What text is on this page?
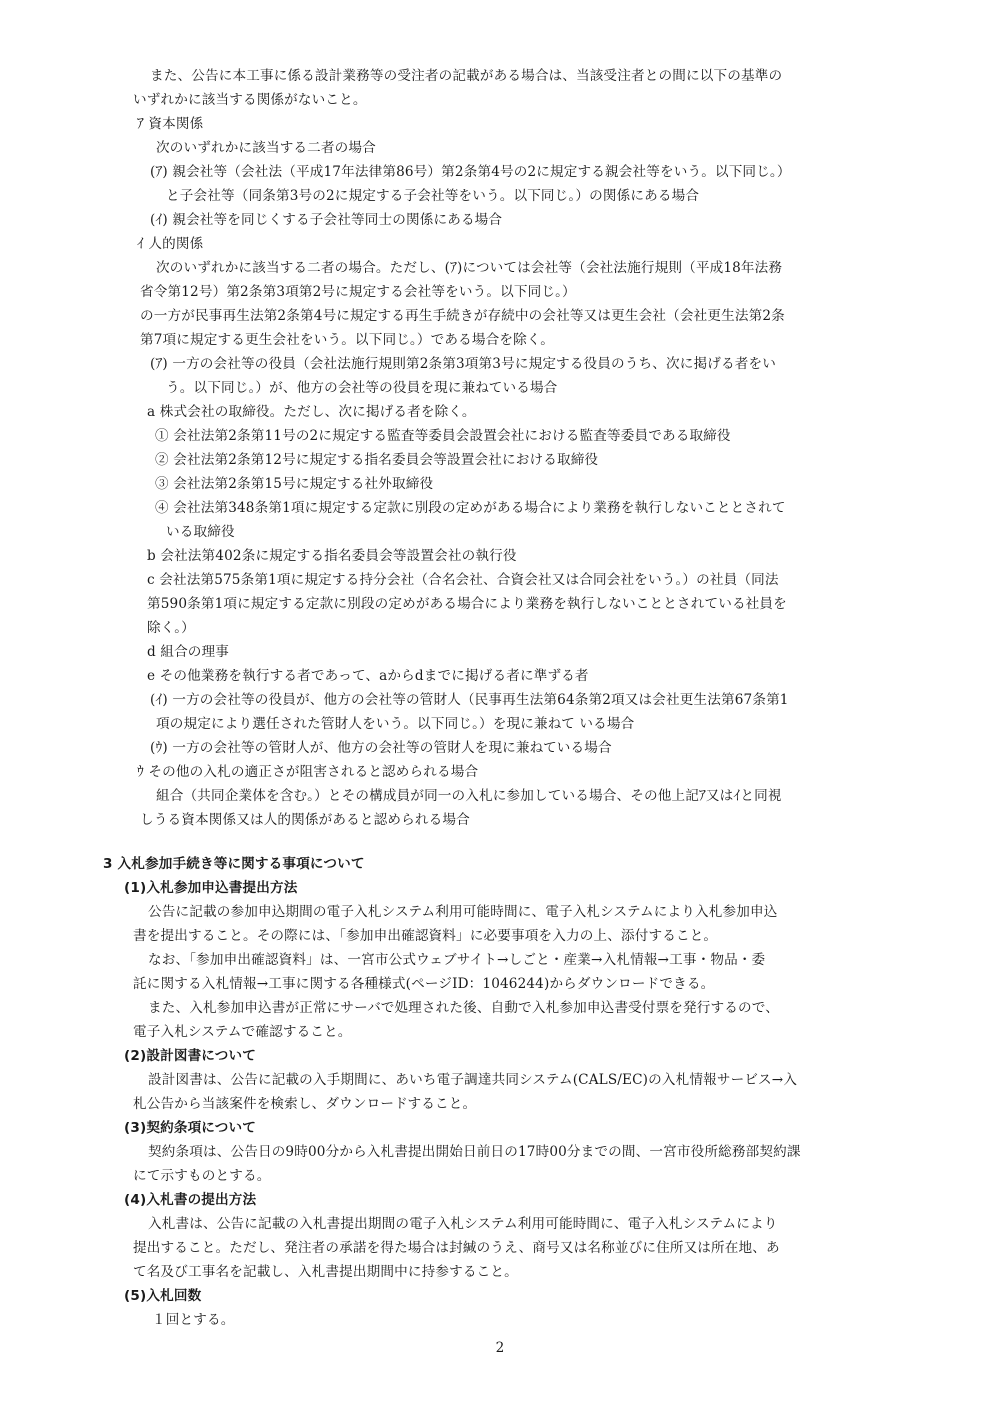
また、公告に本工事に係る設計業務等の受注者の記載がある場合は、当該受注者との間に以下の基準の
いずれかに該当する関係がないこと。
ｱ 資本関係
次のいずれかに該当する二者の場合
(ｱ) 親会社等（会社法（平成17年法律第86号）第2条第4号の2に規定する親会社等をいう。以下同じ。）
と子会社等（同条第3号の2に規定する子会社等をいう。以下同じ。）の関係にある場合
(ｲ) 親会社等を同じくする子会社等同士の関係にある場合
ｲ 人的関係
次のいずれかに該当する二者の場合。ただし、(ｱ)については会社等（会社法施行規則（平成18年法務
省令第12号）第2条第3項第2号に規定する会社等をいう。以下同じ。）
の一方が民事再生法第2条第4号に規定する再生手続きが存続中の会社等又は更生会社（会社更生法第2条
第7項に規定する更生会社をいう。以下同じ。）である場合を除く。
(ｱ) 一方の会社等の役員（会社法施行規則第2条第3項第3号に規定する役員のうち、次に掲げる者をい
う。以下同じ。）が、他方の会社等の役員を現に兼ねている場合
a 株式会社の取締役。ただし、次に掲げる者を除く。
① 会社法第2条第11号の2に規定する監査等委員会設置会社における監査等委員である取締役
② 会社法第2条第12号に規定する指名委員会等設置会社における取締役
③ 会社法第2条第15号に規定する社外取締役
④ 会社法第348条第1項に規定する定款に別段の定めがある場合により業務を執行しないこととされて
いる取締役
b 会社法第402条に規定する指名委員会等設置会社の執行役
c 会社法第575条第1項に規定する持分会社（合名会社、合資会社又は合同会社をいう。）の社員（同法
第590条第1項に規定する定款に別段の定めがある場合により業務を執行しないこととされている社員を
除く。）
d 組合の理事
e その他業務を執行する者であって、aからdまでに掲げる者に準ずる者
(ｲ) 一方の会社等の役員が、他方の会社等の管財人（民事再生法第64条第2項又は会社更生法第67条第1
項の規定により選任された管財人をいう。以下同じ。）を現に兼ねて いる場合
(ｳ) 一方の会社等の管財人が、他方の会社等の管財人を現に兼ねている場合
ｳ その他の入札の適正さが阻害されると認められる場合
組合（共同企業体を含む。）とその構成員が同一の入札に参加している場合、その他上記ｱ又はｲと同視
しうる資本関係又は人的関係があると認められる場合
3 入札参加手続き等に関する事項について
(1)入札参加申込書提出方法
公告に記載の参加申込期間の電子入札システム利用可能時間に、電子入札システムにより入札参加申込
書を提出すること。その際には、「参加申出確認資料」に必要事項を入力の上、添付すること。
なお、「参加申出確認資料」は、一宮市公式ウェブサイト→しごと・産業→入札情報→工事・物品・委
託に関する入札情報→工事に関する各種様式(ページID：1046244)からダウンロードできる。
また、入札参加申込書が正常にサーバで処理された後、自動で入札参加申込書受付票を発行するので、
電子入札システムで確認すること。
(2)設計図書について
設計図書は、公告に記載の入手期間に、あいち電子調達共同システム(CALS/EC)の入札情報サービス→入
札公告から当該案件を検索し、ダウンロードすること。
(3)契約条項について
契約条項は、公告日の9時00分から入札書提出開始日前日の17時00分までの間、一宮市役所総務部契約課
にて示すものとする。
(4)入札書の提出方法
入札書は、公告に記載の入札書提出期間の電子入札システム利用可能時間に、電子入札システムにより
提出すること。ただし、発注者の承諾を得た場合は封緘のうえ、商号又は名称並びに住所又は所在地、あ
て名及び工事名を記載し、入札書提出期間中に持参すること。
(5)入札回数
１回とする。
2
